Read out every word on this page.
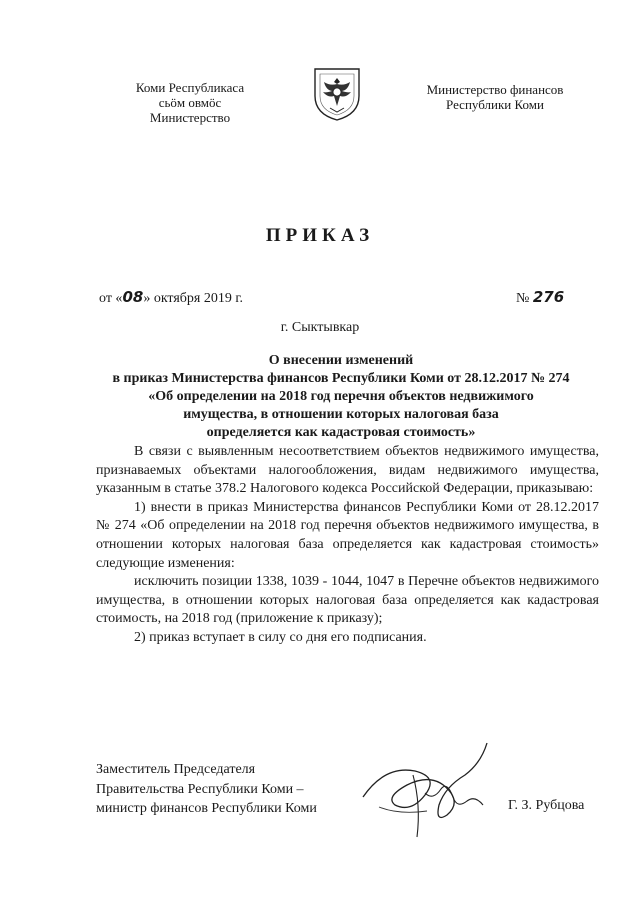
Коми Республикаса
сьӧм овмӧс
Министерство
Министерство финансов
Республики Коми
ПРИКАЗ
от «08» октября 2019 г.	№ 276
г. Сыктывкар
О внесении изменений
в приказ Министерства финансов Республики Коми от 28.12.2017 № 274
«Об определении на 2018 год перечня объектов недвижимого
имущества, в отношении которых налоговая база
определяется как кадастровая стоимость»

В связи с выявленным несоответствием объектов недвижимого имущества, признаваемых объектами налогообложения, видам недвижимого имущества, указанным в статье 378.2 Налогового кодекса Российской Федерации, приказываю:

1) внести в приказ Министерства финансов Республики Коми от 28.12.2017 № 274 «Об определении на 2018 год перечня объектов недвижимого имущества, в отношении которых налоговая база определяется как кадастровая стоимость» следующие изменения:

исключить позиции 1338, 1039 - 1044, 1047 в Перечне объектов недвижимого имущества, в отношении которых налоговая база определяется как кадастровая стоимость, на 2018 год (приложение к приказу);

2) приказ вступает в силу со дня его подписания.

Заместитель Председателя
Правительства Республики Коми –
министр финансов Республики Коми	Г. З. Рубцова
